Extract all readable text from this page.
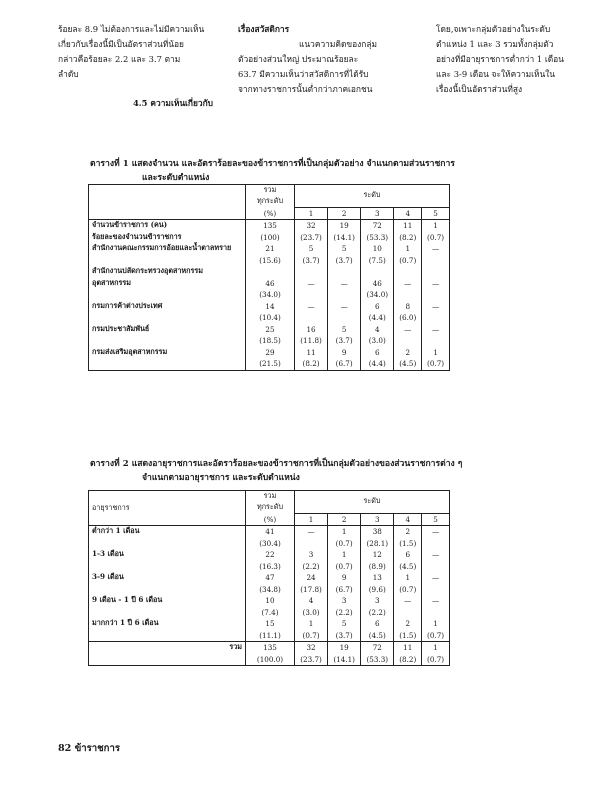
ร้อยละ 8.9 ไม่ต้องการและไม่มีความเห็น

เกี่ยวกับเรื่องนี้มีเป็นอัตราส่วนที่น้อย

กล่าวคือร้อยละ 2.2 และ 3.7 ตาม

ลำดับ

4.5 ความเห็นเกี่ยวกับ

เรื่องสวัสดิการ

แนวความคิดของกลุ่ม

ตัวอย่างส่วนใหญ่ ประมาณร้อยละ

63.7 มีความเห็นว่าสวัสดิการที่ได้รับ

จากทางราชการนั้นต่ำกว่าภาคเอกชน

โดย,จเพาะกลุ่มตัวอย่างในระดับ

ตำแหน่ง 1 และ 3 รวมทั้งกลุ่มตัว

อย่างที่มีอายุราชการต่ำกว่า 1 เดือน

และ 3-9 เดือน จะให้ความเห็นใน

เรื่องนี้เป็นอัตราส่วนที่สูง

ตารางที่ 1 แสดงจำนวน และอัตราร้อยละของข้าราชการที่เป็นกลุ่มตัวอย่าง จำแนกตามส่วนราชการ
และระดับตำแหน่ง

	รวม
ทุกระดับ	ระดับ				
	(%)	1	2	3	4	5
จำนวนข้าราชการ (คน)	135	32	19	72	11	1
ร้อยละของจำนวนข้าราชการ	(100)	(23.7)	(14.1)	(53.3)	(8.2)	(0.7)
สำนักงานคณะกรรมการอ้อยและน้ำตาลทราย	21	5	5	10	1	—
	(15.6)	(3.7)	(3.7)	(7.5)	(0.7)	
สำนักงานปลัดกระทรวงอุตสาหกรรม						
อุตสาหกรรม	46	—	—	46	—	—
	(34.0)			(34.0)		
กรมการค้าต่างประเทศ	14	—	—	6	8	—
	(10.4)			(4.4)	(6.0)	
กรมประชาสัมพันธ์	25	16	5	4	—	—
	(18.5)	(11.8)	(3.7)	(3.0)		
กรมส่งเสริมอุตสาหกรรม	29	11	9	6	2	1
	(21.5)	(8.2)	(6.7)	(4.4)	(4.5)	(0.7)
ตารางที่ 2 แสดงอายุราชการและอัตราร้อยละของข้าราชการที่เป็นกลุ่มตัวอย่างของส่วนราชการต่าง ๆ
จำแนกตามอายุราชการ และระดับตำแหน่ง
อายุราชการ	รวม
ทุกระดับ	ระดับ				
	(%)	1	2	3	4	5
ต่ำกว่า 1 เดือน	41	—	1	38	2	—
	(30.4)		(0.7)	(28.1)	(1.5)	
1-3 เดือน	22	3	1	12	6	—
	(16.3)	(2.2)	(0.7)	(8.9)	(4.5)	
3-9 เดือน	47	24	9	13	1	—
	(34.8)	(17.8)	(6.7)	(9.6)	(0.7)	
9 เดือน - 1 ปี 6 เดือน	10	4	3	3	—	—
	(7.4)	(3.0)	(2.2)	(2.2)		
มากกว่า 1 ปี 6 เดือน	15	1	5	6	2	1
	(11.1)	(0.7)	(3.7)	(4.5)	(1.5)	(0.7)
รวม	135	32	19	72	11	1
	(100.0)	(23.7)	(14.1)	(53.3)	(8.2)	(0.7)
82 ข้าราชการ
